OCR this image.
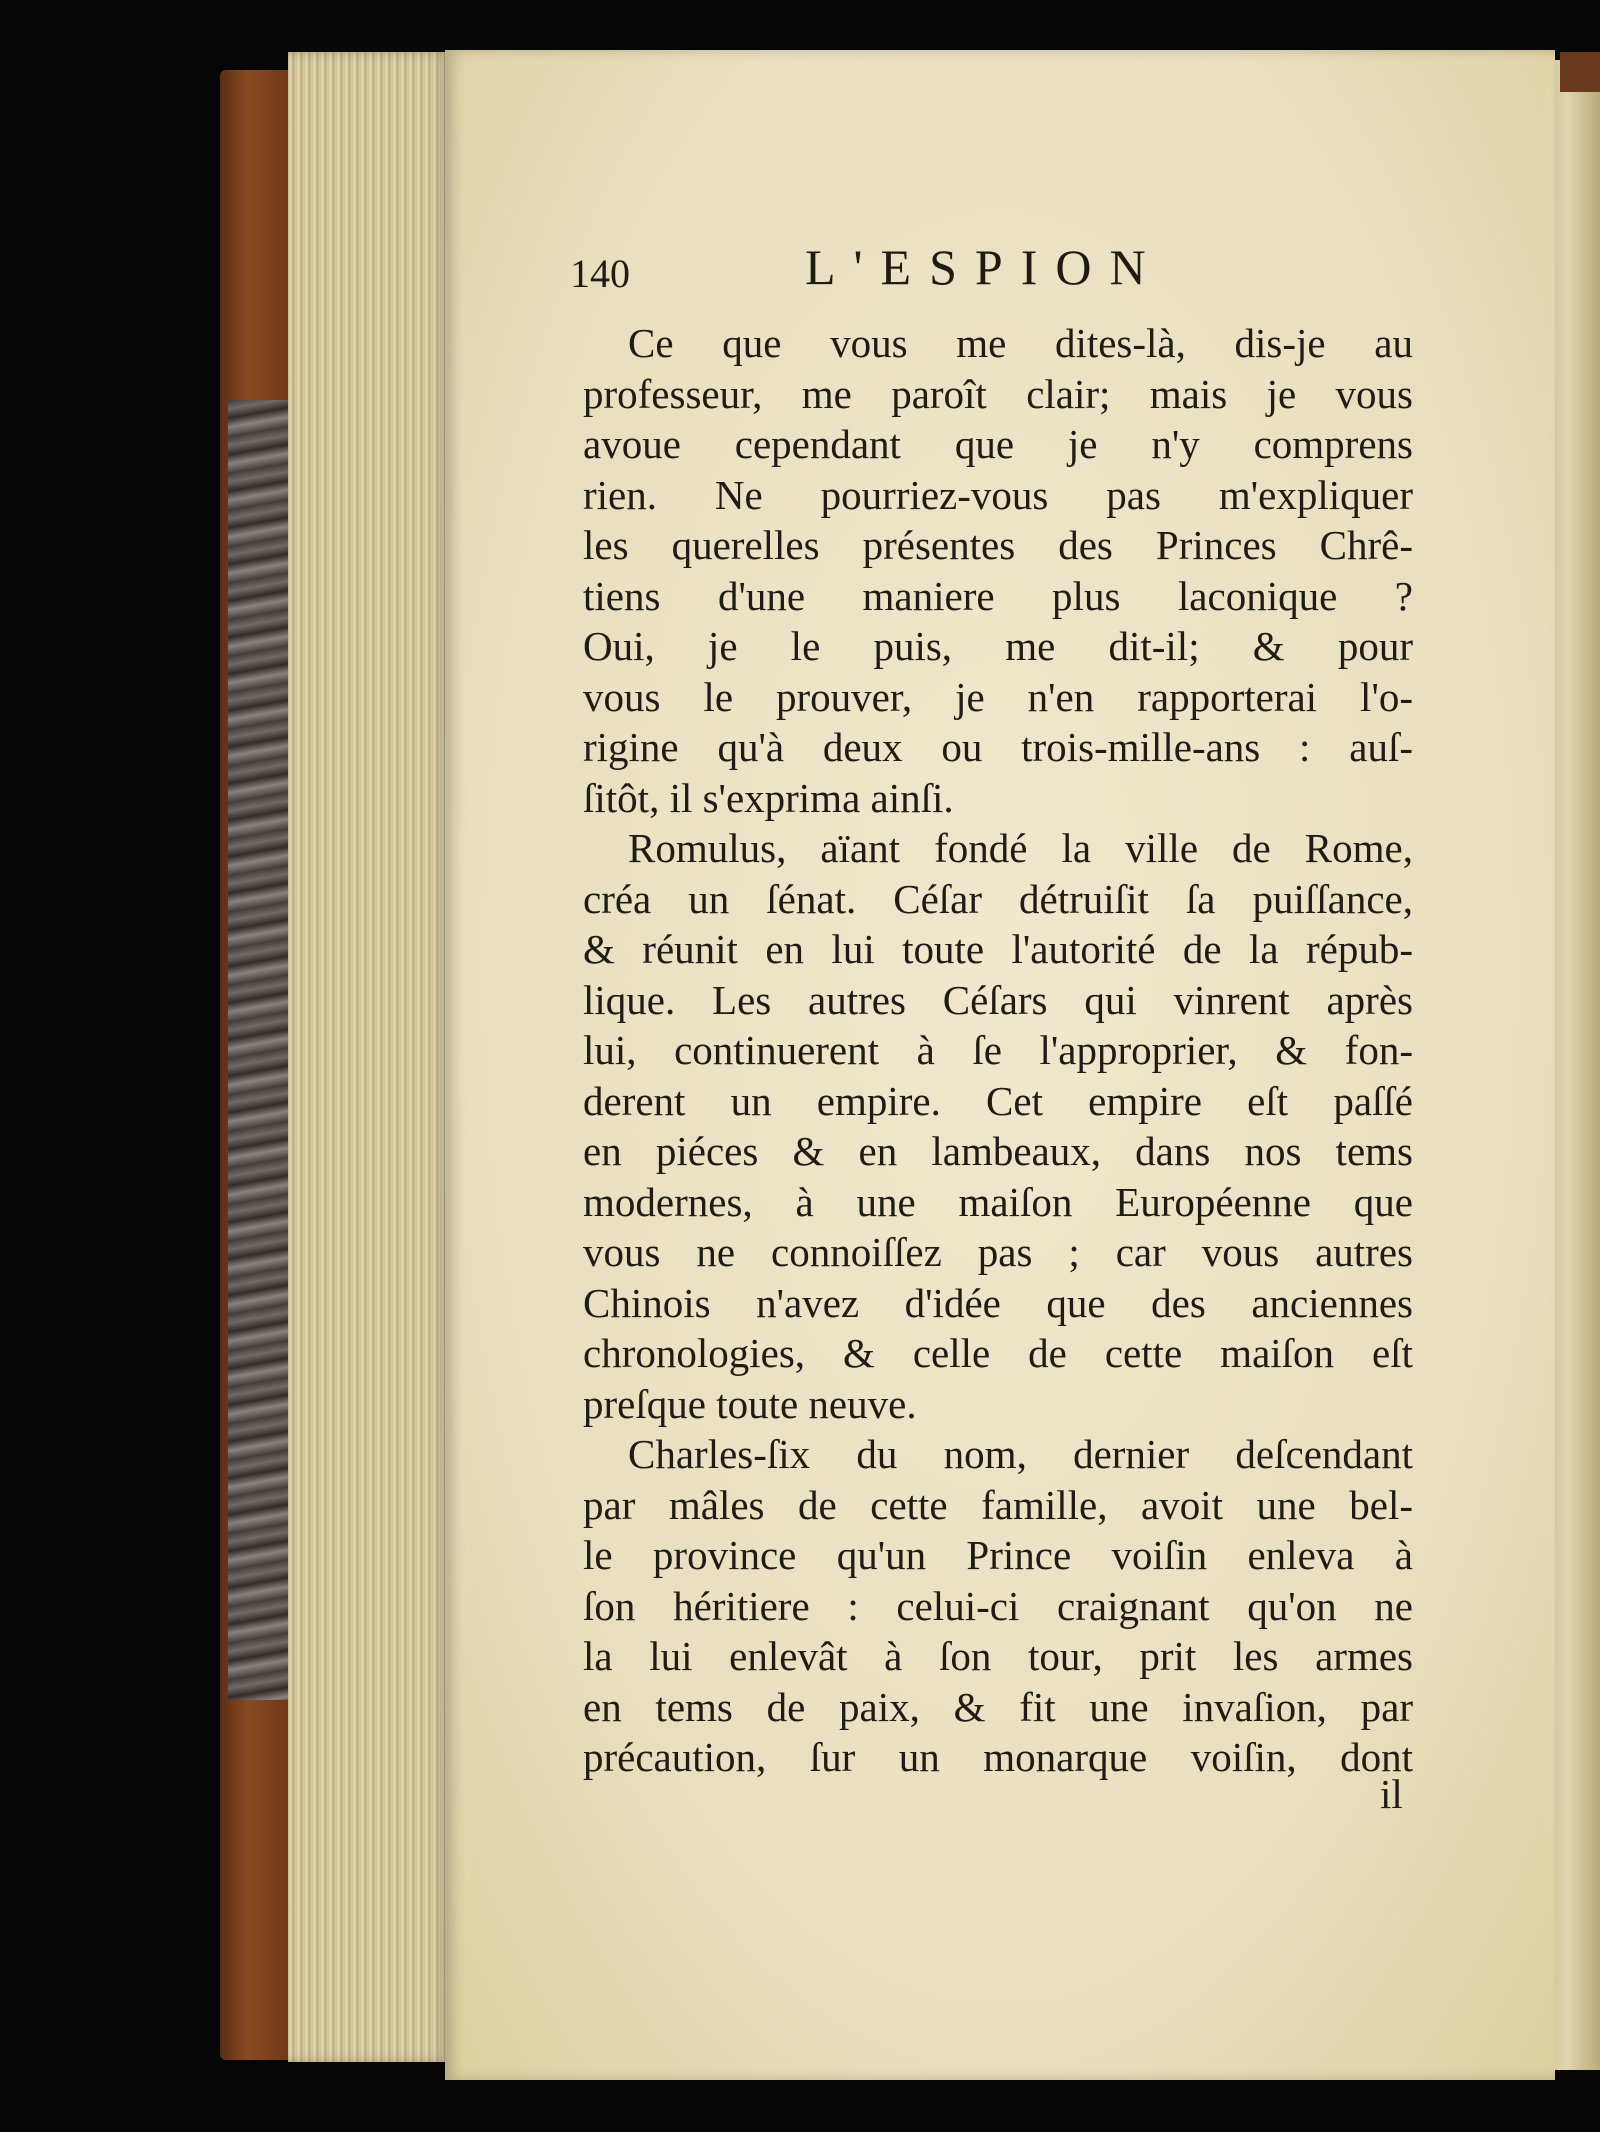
140	L'ESPION
Ce que vous me dites-là, dis-je au
professeur, me paroît clair; mais je vous
avoue cependant que je n'y comprens
rien. Ne pourriez-vous pas m'expliquer
les querelles présentes des Princes Chrê-
tiens d'une maniere plus laconique ?
Oui, je le puis, me dit-il; & pour
vous le prouver, je n'en rapporterai l'o-
rigine qu'à deux ou trois-mille-ans : auſ-
ſitôt, il s'exprima ainſi.
Romulus, aïant fondé la ville de Rome,
créa un ſénat. Céſar détruiſit ſa puiſſance,
& réunit en lui toute l'autorité de la répub-
lique. Les autres Céſars qui vinrent après
lui, continuerent à ſe l'approprier, & fon-
derent un empire. Cet empire eſt paſſé
en piéces & en lambeaux, dans nos tems
modernes, à une maiſon Européenne que
vous ne connoiſſez pas ; car vous autres
Chinois n'avez d'idée que des anciennes
chronologies, & celle de cette maiſon eſt
preſque toute neuve.
Charles-ſix du nom, dernier deſcendant
par mâles de cette famille, avoit une bel-
le province qu'un Prince voiſin enleva à
ſon héritiere : celui-ci craignant qu'on ne
la lui enlevât à ſon tour, prit les armes
en tems de paix, & fit une invaſion, par
précaution, ſur un monarque voiſin, dont
il
